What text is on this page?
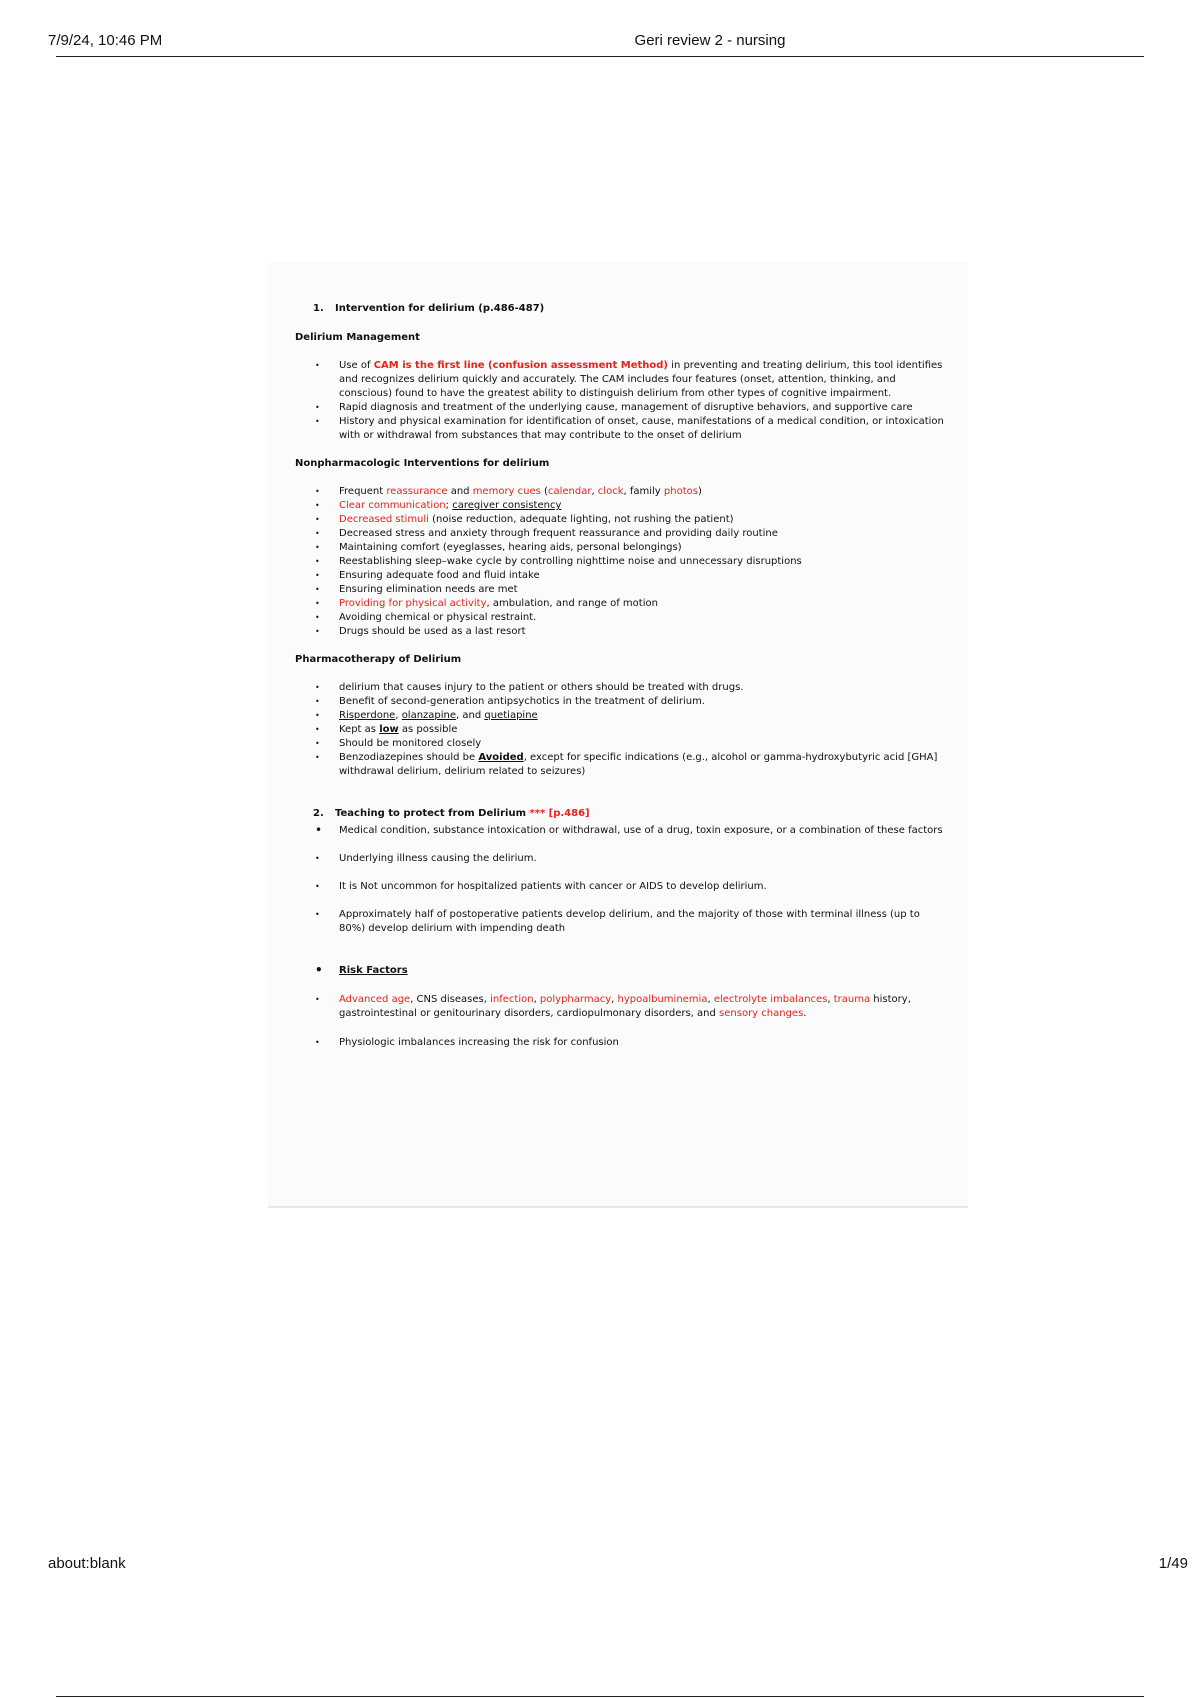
7/9/24, 10:46 PM	Geri review 2 - nursing

1. Intervention for delirium (p.486-487)

Delirium Management

• Use of CAM is the first line (confusion assessment Method) in preventing and treating delirium, this tool identifies and recognizes delirium quickly and accurately. The CAM includes four features (onset, attention, thinking, and conscious) found to have the greatest ability to distinguish delirium from other types of cognitive impairment.
• Rapid diagnosis and treatment of the underlying cause, management of disruptive behaviors, and supportive care
• History and physical examination for identification of onset, cause, manifestations of a medical condition, or intoxication with or withdrawal from substances that may contribute to the onset of delirium

Nonpharmacologic Interventions for delirium

• Frequent reassurance and memory cues (calendar, clock, family photos)
• Clear communication; caregiver consistency
• Decreased stimuli (noise reduction, adequate lighting, not rushing the patient)
• Decreased stress and anxiety through frequent reassurance and providing daily routine
• Maintaining comfort (eyeglasses, hearing aids, personal belongings)
• Reestablishing sleep–wake cycle by controlling nighttime noise and unnecessary disruptions
• Ensuring adequate food and fluid intake
• Ensuring elimination needs are met
• Providing for physical activity, ambulation, and range of motion
• Avoiding chemical or physical restraint.
• Drugs should be used as a last resort

Pharmacotherapy of Delirium

• delirium that causes injury to the patient or others should be treated with drugs.
• Benefit of second-generation antipsychotics in the treatment of delirium.
• Risperdone, olanzapine, and quetiapine
• Kept as low as possible
• Should be monitored closely
• Benzodiazepines should be Avoided, except for specific indications (e.g., alcohol or gamma-hydroxybutyric acid [GHA] withdrawal delirium, delirium related to seizures)

2. Teaching to protect from Delirium *** [p.486]

• Medical condition, substance intoxication or withdrawal, use of a drug, toxin exposure, or a combination of these factors
• Underlying illness causing the delirium.
• It is Not uncommon for hospitalized patients with cancer or AIDS to develop delirium.
• Approximately half of postoperative patients develop delirium, and the majority of those with terminal illness (up to 80%) develop delirium with impending death
• Risk Factors
• Advanced age, CNS diseases, infection, polypharmacy, hypoalbuminemia, electrolyte imbalances, trauma history, gastrointestinal or genitourinary disorders, cardiopulmonary disorders, and sensory changes.
• Physiologic imbalances increasing the risk for confusion
about:blank	1/49
